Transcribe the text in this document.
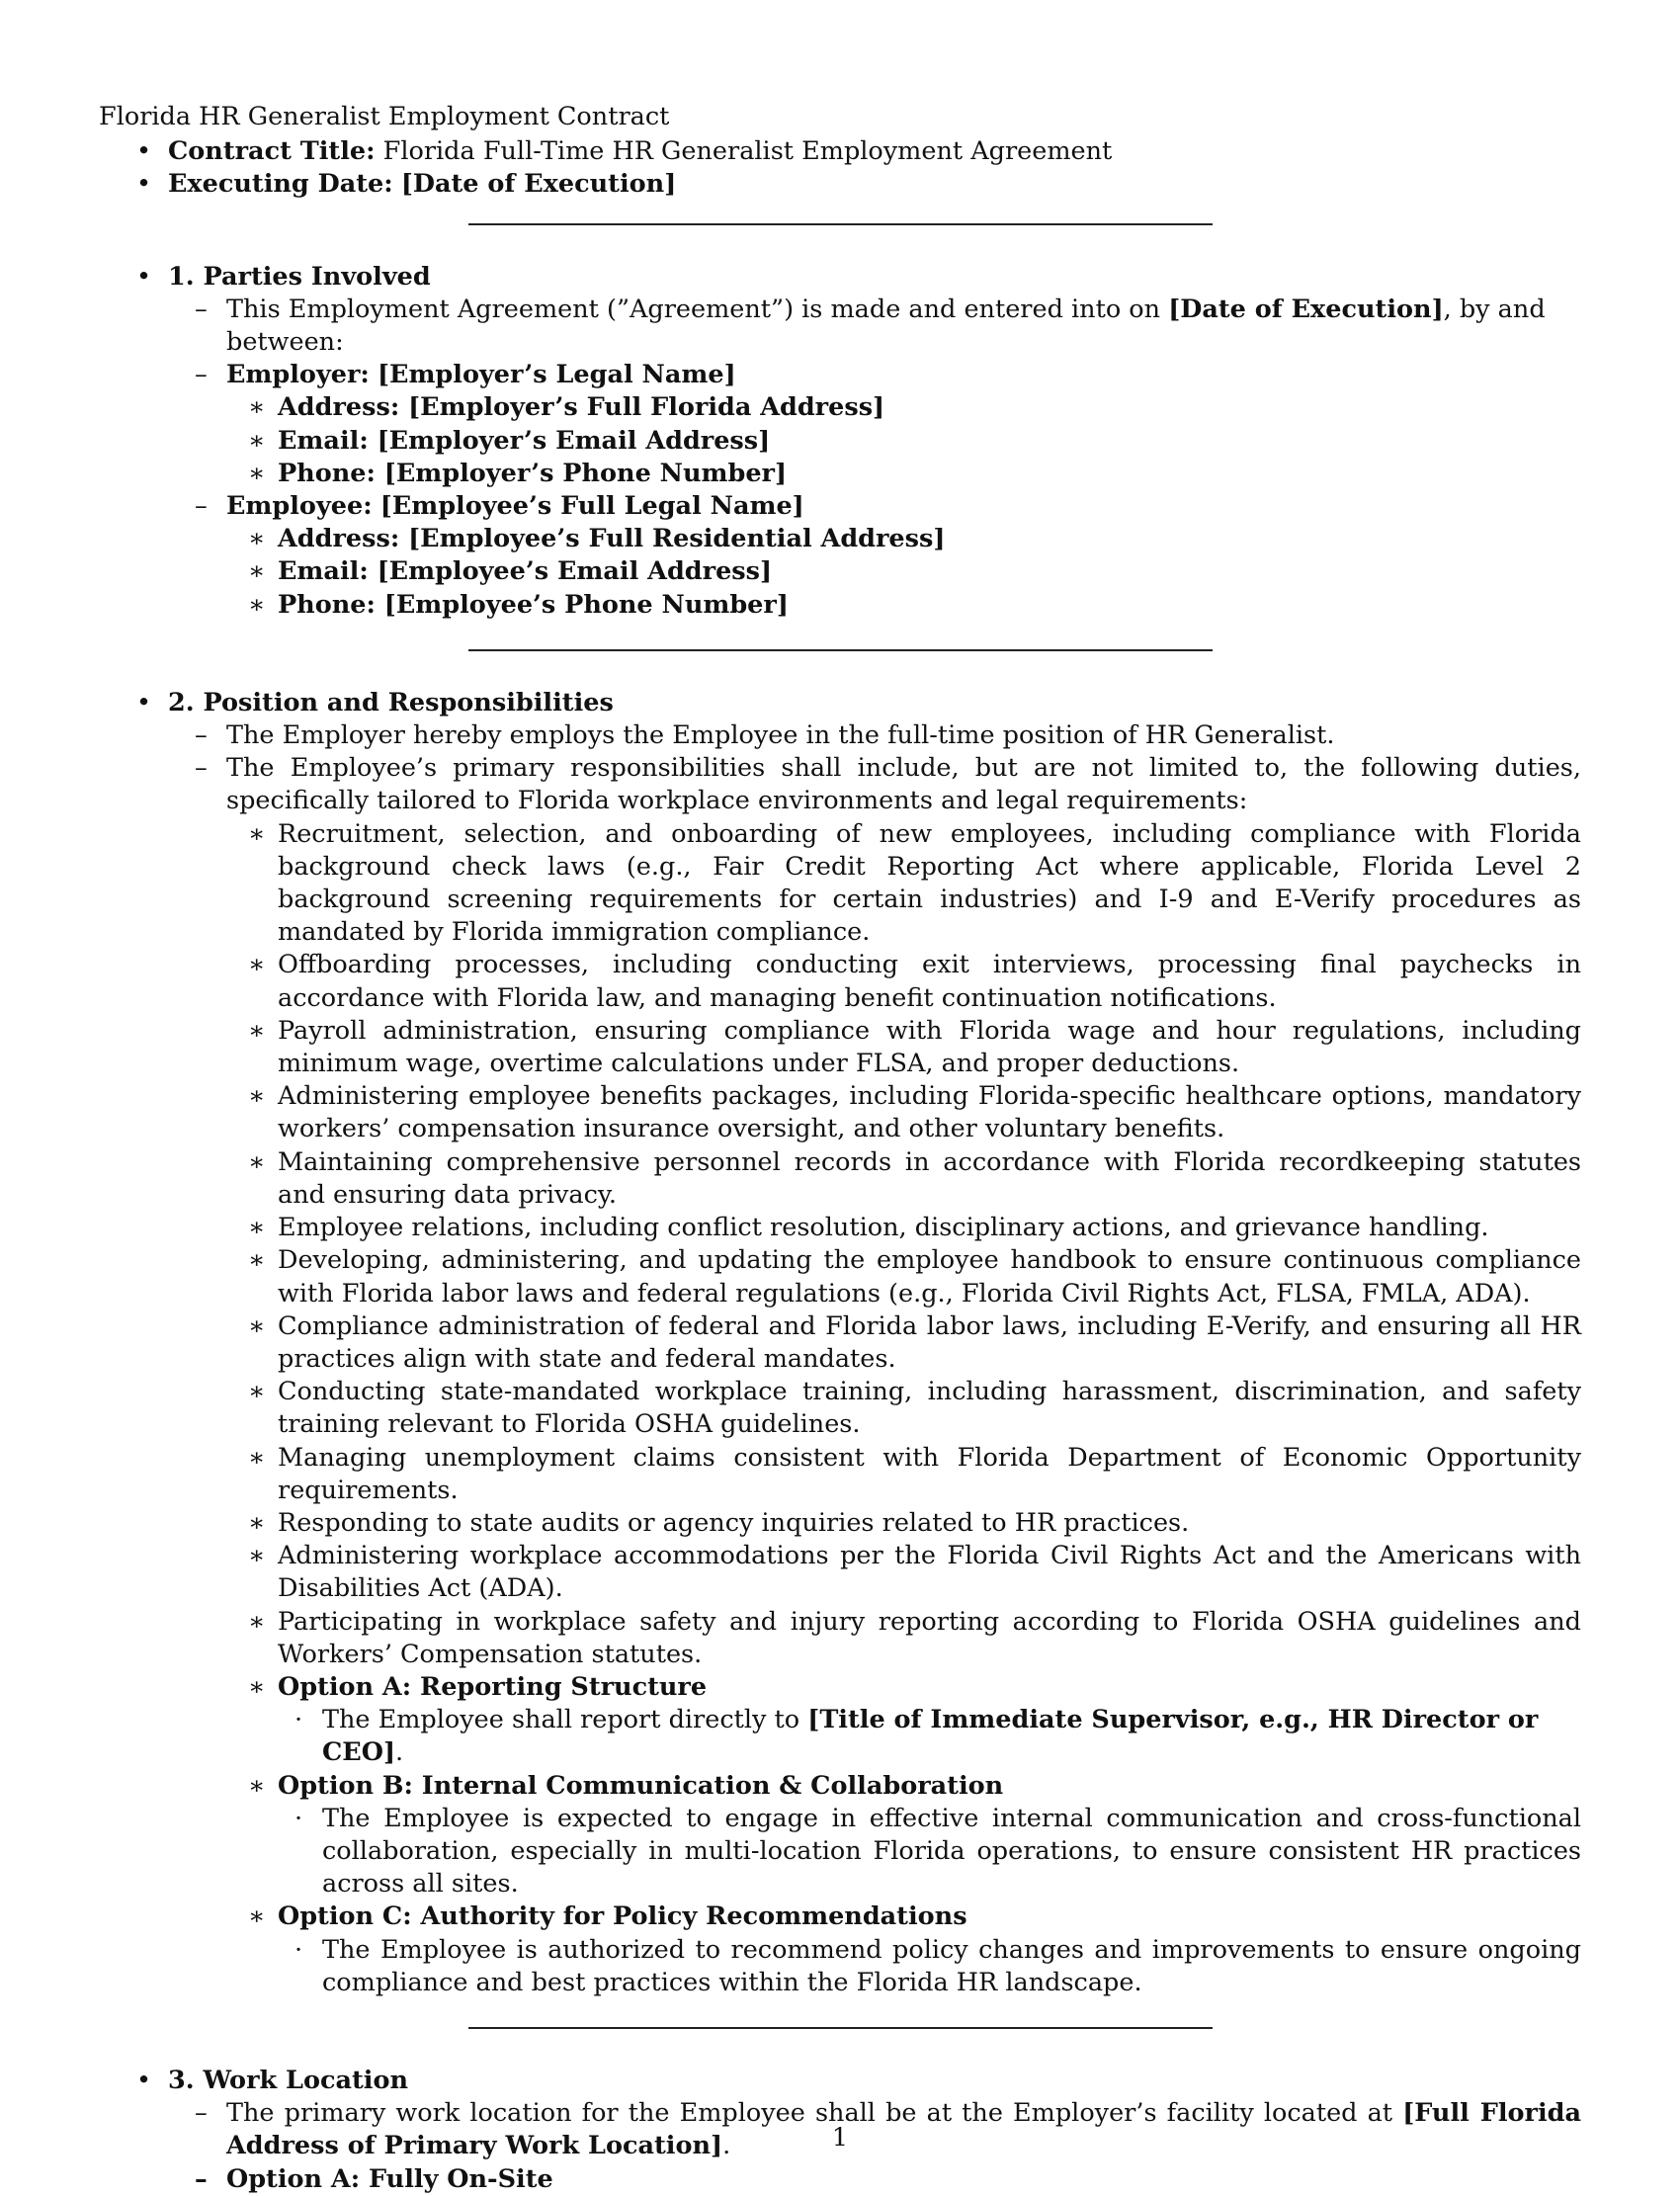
Florida HR Generalist Employment Contract
• Contract Title: Florida Full-Time HR Generalist Employment Agreement
• Executing Date: [Date of Execution]
• 1. Parties Involved
– This Employment Agreement (”Agreement”) is made and entered into on [Date of Execution], by and between:
– Employer: [Employer’s Legal Name]
∗ Address: [Employer’s Full Florida Address]
∗ Email: [Employer’s Email Address]
∗ Phone: [Employer’s Phone Number]
– Employee: [Employee’s Full Legal Name]
∗ Address: [Employee’s Full Residential Address]
∗ Email: [Employee’s Email Address]
∗ Phone: [Employee’s Phone Number]
• 2. Position and Responsibilities
– The Employer hereby employs the Employee in the full-time position of HR Generalist.
– The Employee’s primary responsibilities shall include, but are not limited to, the following duties, specifically tailored to Florida workplace environments and legal requirements:
∗ Recruitment, selection, and onboarding of new employees, including compliance with Florida background check laws (e.g., Fair Credit Reporting Act where applicable, Florida Level 2 background screening requirements for certain industries) and I-9 and E-Verify procedures as mandated by Florida immigration compliance.
∗ Offboarding processes, including conducting exit interviews, processing final paychecks in accordance with Florida law, and managing benefit continuation notifications.
∗ Payroll administration, ensuring compliance with Florida wage and hour regulations, including minimum wage, overtime calculations under FLSA, and proper deductions.
∗ Administering employee benefits packages, including Florida-specific healthcare options, mandatory workers’ compensation insurance oversight, and other voluntary benefits.
∗ Maintaining comprehensive personnel records in accordance with Florida recordkeeping statutes and ensuring data privacy.
∗ Employee relations, including conflict resolution, disciplinary actions, and grievance handling.
∗ Developing, administering, and updating the employee handbook to ensure continuous compliance with Florida labor laws and federal regulations (e.g., Florida Civil Rights Act, FLSA, FMLA, ADA).
∗ Compliance administration of federal and Florida labor laws, including E-Verify, and ensuring all HR practices align with state and federal mandates.
∗ Conducting state-mandated workplace training, including harassment, discrimination, and safety training relevant to Florida OSHA guidelines.
∗ Managing unemployment claims consistent with Florida Department of Economic Opportunity requirements.
∗ Responding to state audits or agency inquiries related to HR practices.
∗ Administering workplace accommodations per the Florida Civil Rights Act and the Americans with Disabilities Act (ADA).
∗ Participating in workplace safety and injury reporting according to Florida OSHA guidelines and Workers’ Compensation statutes.
∗ Option A: Reporting Structure
· The Employee shall report directly to [Title of Immediate Supervisor, e.g., HR Director or CEO].
∗ Option B: Internal Communication & Collaboration
· The Employee is expected to engage in effective internal communication and cross-functional collaboration, especially in multi-location Florida operations, to ensure consistent HR practices across all sites.
∗ Option C: Authority for Policy Recommendations
· The Employee is authorized to recommend policy changes and improvements to ensure ongoing compliance and best practices within the Florida HR landscape.
• 3. Work Location
– The primary work location for the Employee shall be at the Employer’s facility located at [Full Florida Address of Primary Work Location].
– Option A: Fully On-Site
1
